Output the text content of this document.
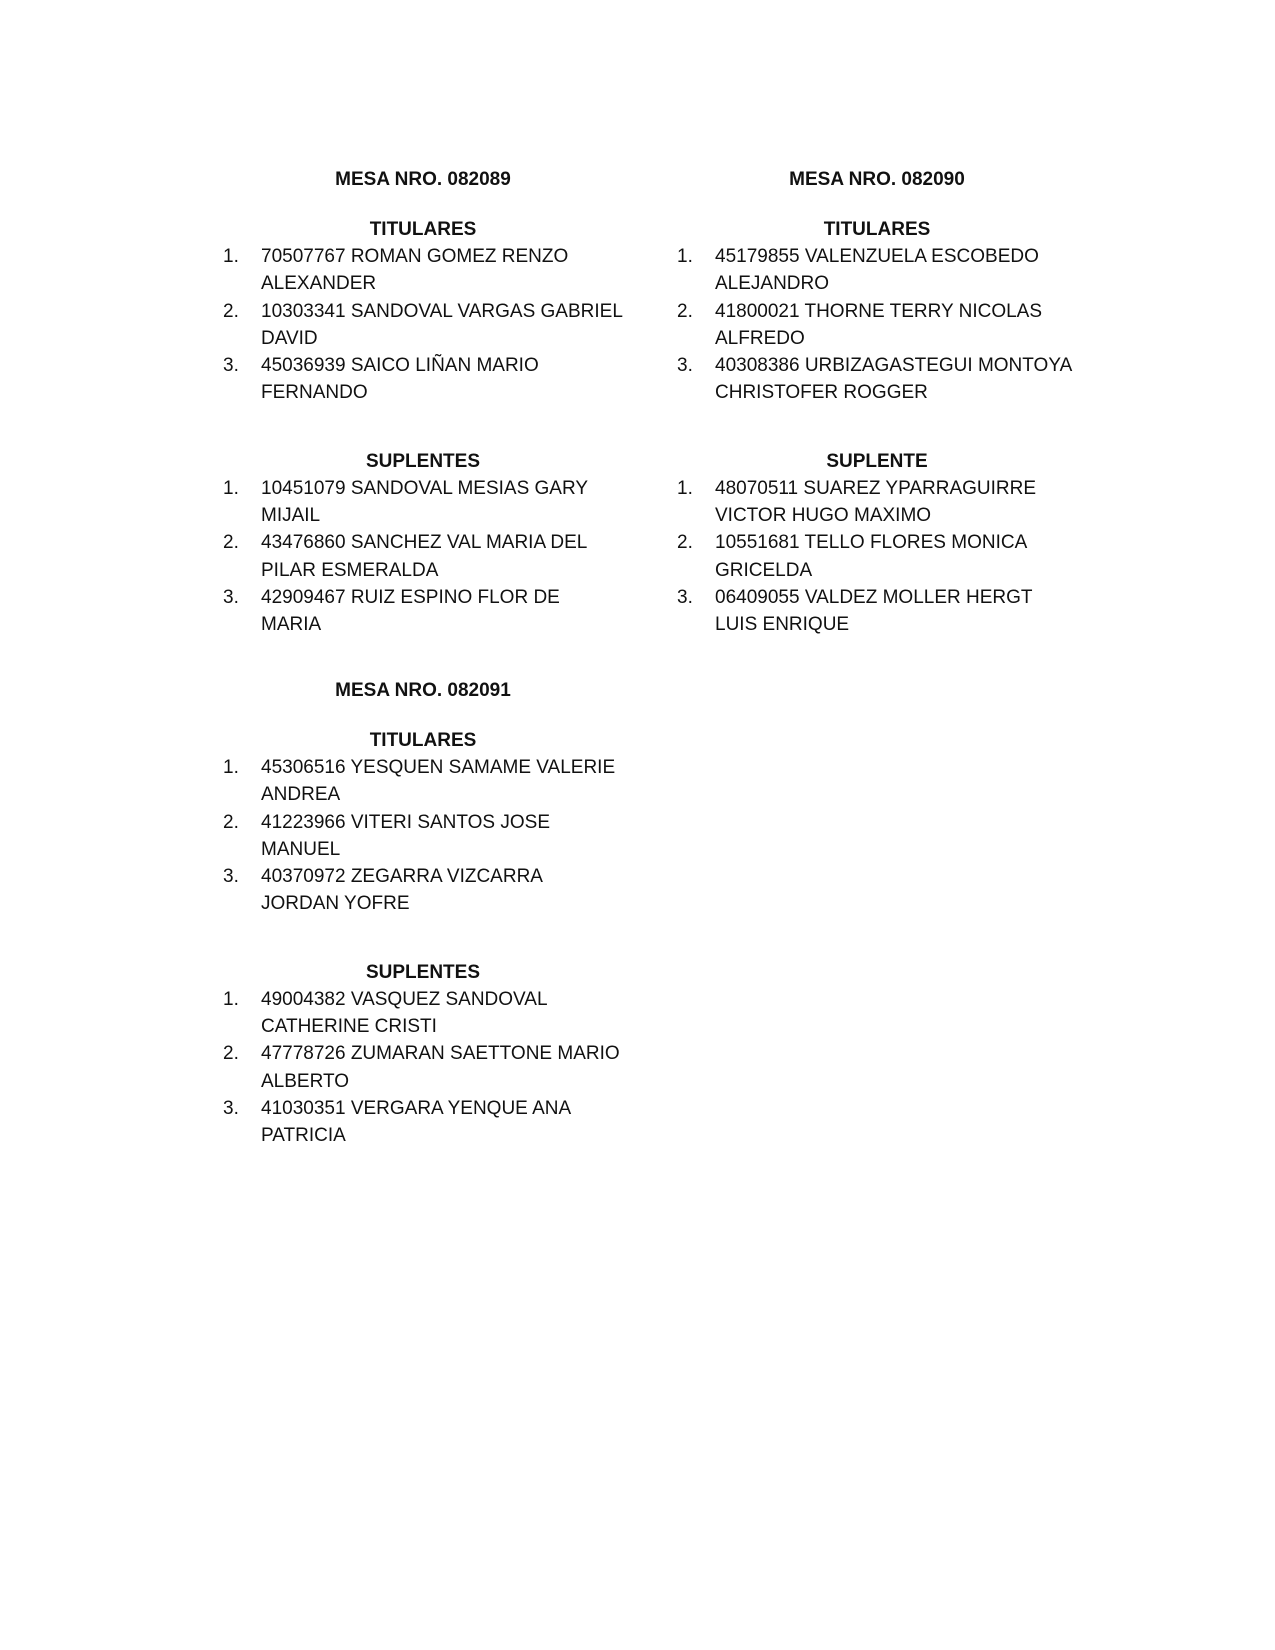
MESA NRO. 082089
TITULARES
1.	70507767 ROMAN GOMEZ RENZO ALEXANDER
2.	10303341 SANDOVAL VARGAS GABRIEL DAVID
3.	45036939 SAICO LIÑAN MARIO FERNANDO
SUPLENTES
1.	10451079 SANDOVAL MESIAS GARY MIJAIL
2.	43476860 SANCHEZ VAL MARIA DEL PILAR ESMERALDA
3.	42909467 RUIZ ESPINO FLOR DE MARIA
MESA NRO. 082090
TITULARES
1.	45179855 VALENZUELA ESCOBEDO ALEJANDRO
2.	41800021 THORNE TERRY NICOLAS ALFREDO
3.	40308386 URBIZAGASTEGUI MONTOYA CHRISTOFER ROGGER
SUPLENTE
1.	48070511 SUAREZ YPARRAGUIRRE VICTOR HUGO MAXIMO
2.	10551681 TELLO FLORES MONICA GRICELDA
3.	06409055 VALDEZ MOLLER HERGT LUIS ENRIQUE
MESA NRO. 082091
TITULARES
1.	45306516 YESQUEN SAMAME VALERIE ANDREA
2.	41223966 VITERI SANTOS JOSE MANUEL
3.	40370972 ZEGARRA VIZCARRA JORDAN YOFRE
SUPLENTES
1.	49004382 VASQUEZ SANDOVAL CATHERINE CRISTI
2.	47778726 ZUMARAN SAETTONE MARIO ALBERTO
3.	41030351 VERGARA YENQUE ANA PATRICIA
